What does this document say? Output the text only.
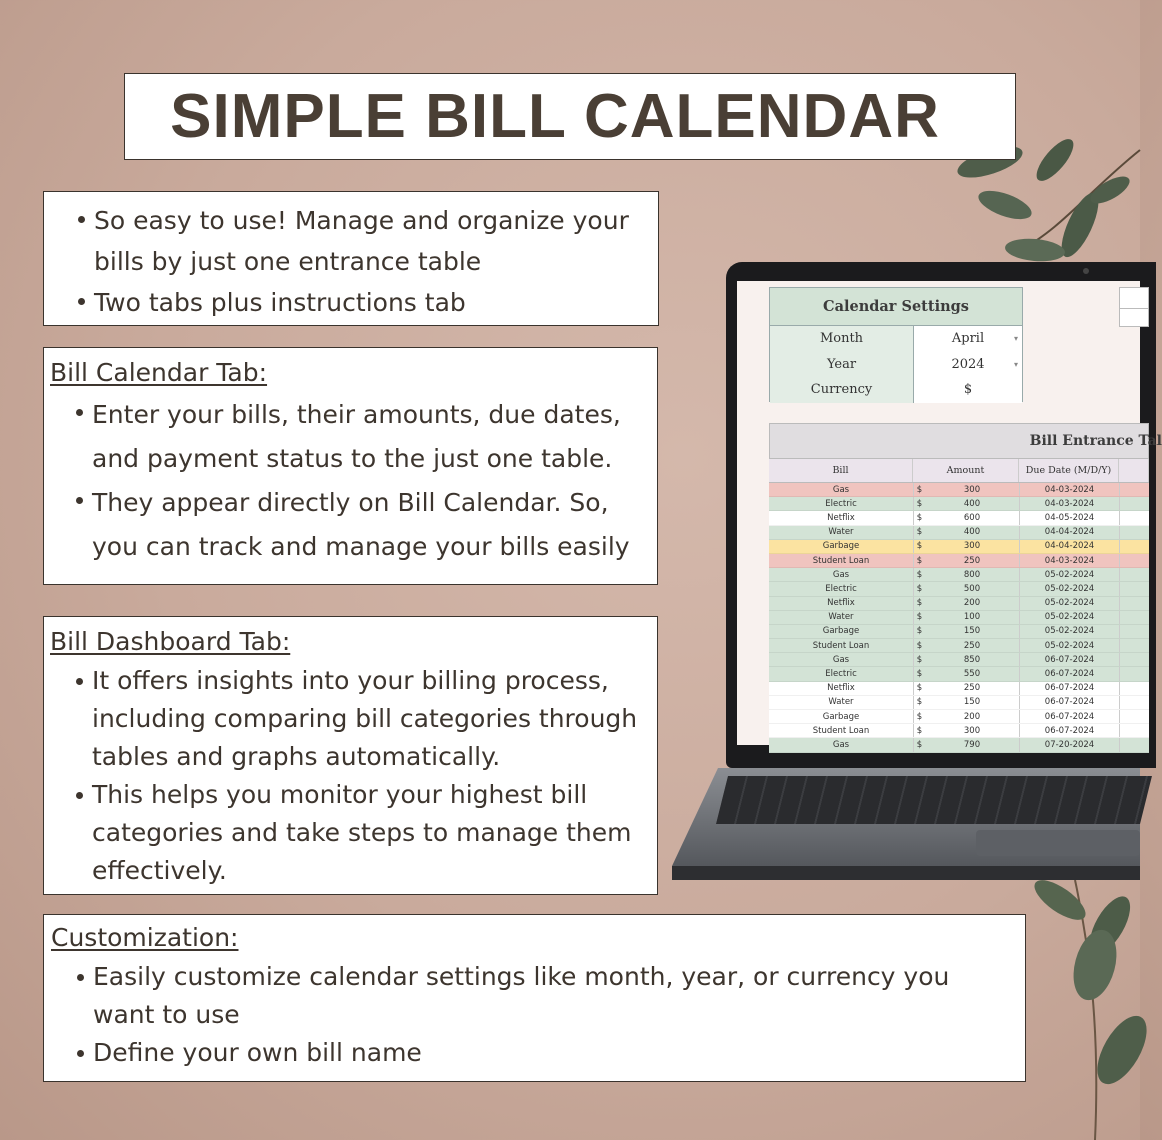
SIMPLE BILL CALENDAR
So easy to use! Manage and organize your bills by just one entrance table
Two tabs plus instructions tab
Bill Calendar Tab:
Enter your bills, their amounts, due dates, and payment status to the just one table.
They appear directly on Bill Calendar. So, you can track and manage your bills easily
Bill Dashboard Tab:
It offers insights into your billing process, including comparing bill categories through tables and graphs automatically.
This helps you monitor your highest bill categories and take steps to manage them effectively.
Customization:
Easily customize calendar settings like month, year, or currency you want to use
Define your own bill name
Calendar Settings
Month	April	▾
Year	2024	▾
Currency	$
Bill Entrance Tal
Bill	Amount	Due Date (M/D/Y)
Gas	$	300	04-03-2024
Electric	$	400	04-03-2024
Netflix	$	600	04-05-2024
Water	$	400	04-04-2024
Garbage	$	300	04-04-2024
Student Loan	$	250	04-03-2024
Gas	$	800	05-02-2024
Electric	$	500	05-02-2024
Netflix	$	200	05-02-2024
Water	$	100	05-02-2024
Garbage	$	150	05-02-2024
Student Loan	$	250	05-02-2024
Gas	$	850	06-07-2024
Electric	$	550	06-07-2024
Netflix	$	250	06-07-2024
Water	$	150	06-07-2024
Garbage	$	200	06-07-2024
Student Loan	$	300	06-07-2024
Gas	$	790	07-20-2024
